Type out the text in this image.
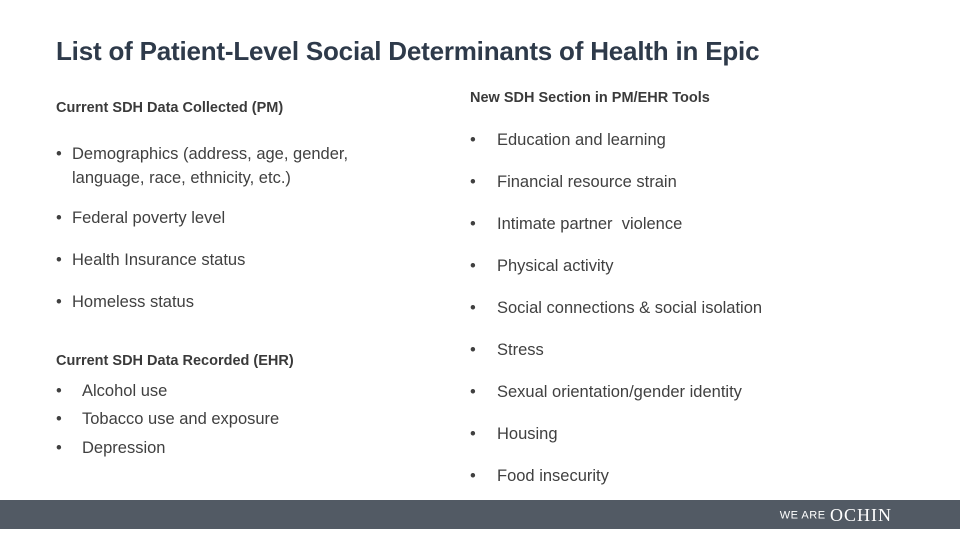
List of Patient-Level Social Determinants of Health in Epic
Current SDH Data Collected (PM)
• Demographics (address, age, gender, language, race, ethnicity, etc.)
• Federal poverty level
• Health Insurance status
• Homeless status
Current SDH Data Recorded (EHR)
•	Alcohol use
•	Tobacco use and exposure
•	Depression
New SDH Section in PM/EHR Tools
•	Education and learning
•	Financial resource strain
•	Intimate partner  violence
•	Physical activity
•	Social connections & social isolation
•	Stress
•	Sexual orientation/gender identity
•	Housing
•	Food insecurity
WE ARE OCHIN
